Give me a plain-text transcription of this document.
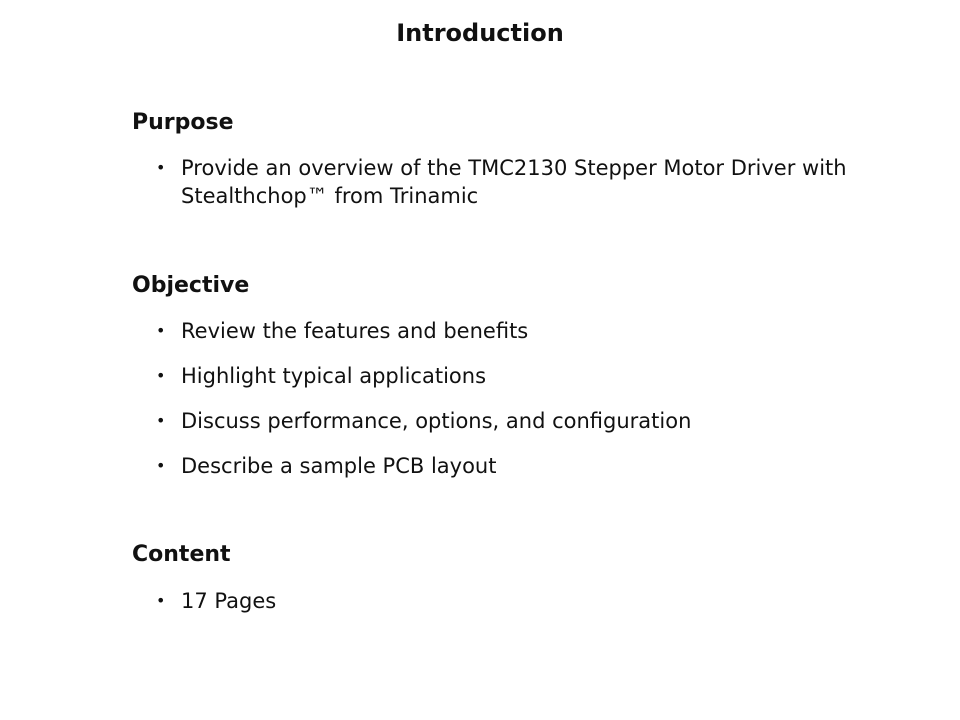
Introduction
Purpose
• Provide an overview of the TMC2130 Stepper Motor Driver with Stealthchop™ from Trinamic
Objective
• Review the features and benefits
• Highlight typical applications
• Discuss performance, options, and configuration
• Describe a sample PCB layout
Content
• 17 Pages
